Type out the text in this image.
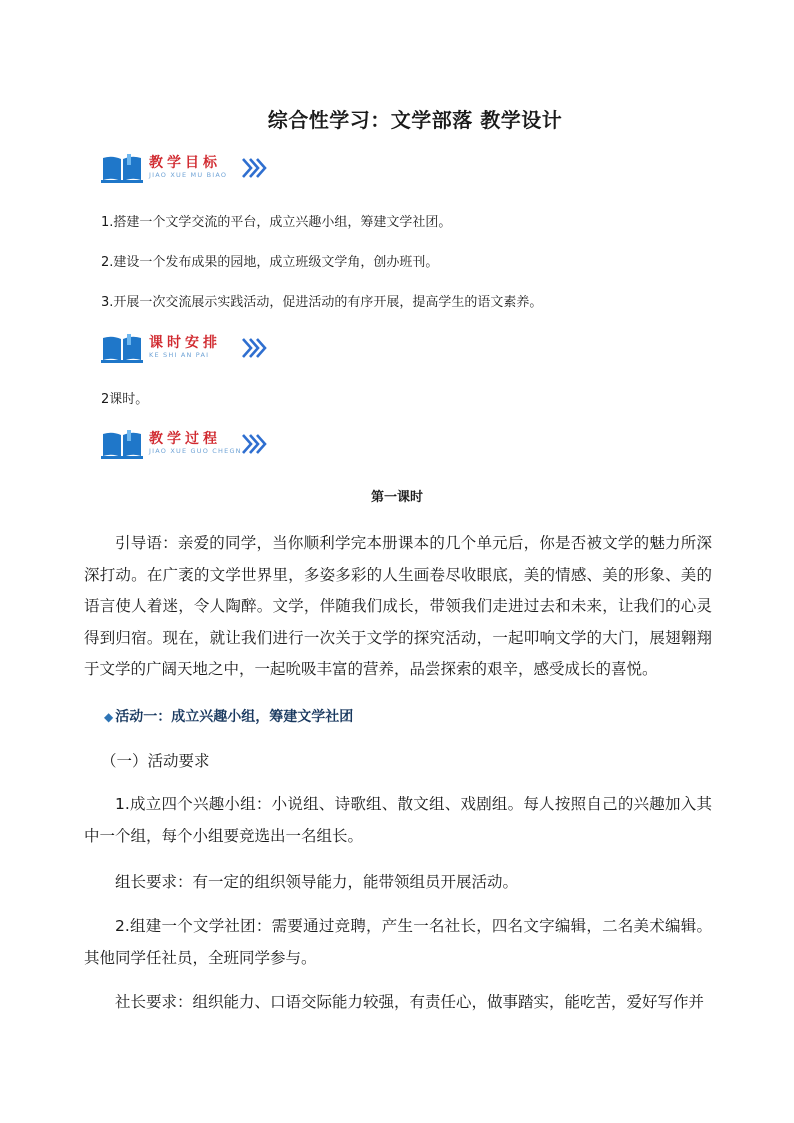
综合性学习：文学部落 教学设计
教学目标
JIAO XUE MU BIAO
1.搭建一个文学交流的平台，成立兴趣小组，筹建文学社团。
2.建设一个发布成果的园地，成立班级文学角，创办班刊。
3.开展一次交流展示实践活动，促进活动的有序开展，提高学生的语文素养。
课时安排
KE SHI AN PAI
2课时。
教学过程
JIAO XUE GUO CHEGN
第一课时

引导语：亲爱的同学，当你顺利学完本册课本的几个单元后，你是否被文学的魅力所深深打动。在广袤的文学世界里，多姿多彩的人生画卷尽收眼底，美的情感、美的形象、美的语言使人着迷，令人陶醉。文学，伴随我们成长，带领我们走进过去和未来，让我们的心灵得到归宿。现在，就让我们进行一次关于文学的探究活动，一起叩响文学的大门，展翅翱翔于文学的广阔天地之中，一起吮吸丰富的营养，品尝探索的艰辛，感受成长的喜悦。

◆ 活动一：成立兴趣小组，筹建文学社团
（一）活动要求

1.成立四个兴趣小组：小说组、诗歌组、散文组、戏剧组。每人按照自己的兴趣加入其中一个组，每个小组要竞选出一名组长。

组长要求：有一定的组织领导能力，能带领组员开展活动。

2.组建一个文学社团：需要通过竞聘，产生一名社长，四名文字编辑，二名美术编辑。其他同学任社员，全班同学参与。

社长要求：组织能力、口语交际能力较强，有责任心，做事踏实，能吃苦，爱好写作并
